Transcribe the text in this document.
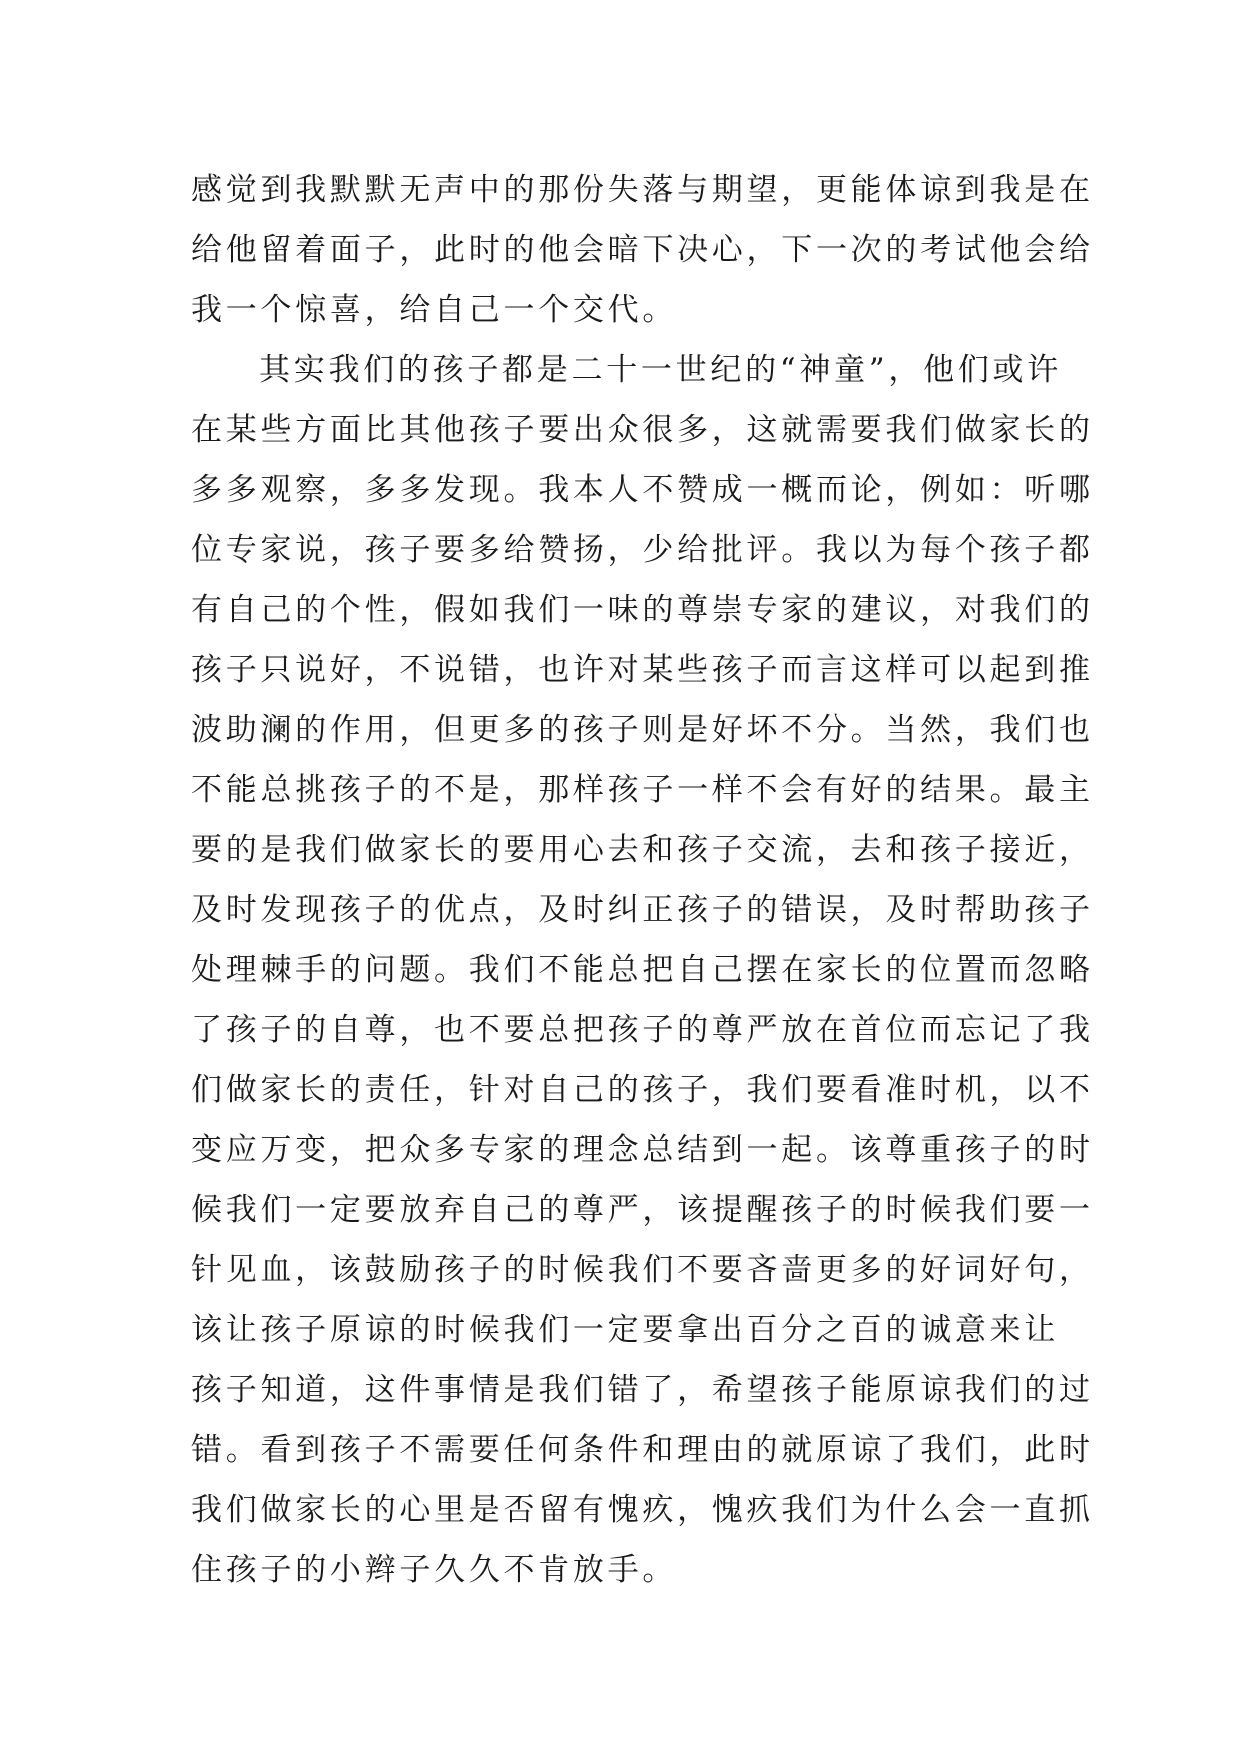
感觉到我默默无声中的那份失落与期望，更能体谅到我是在
给他留着面子，此时的他会暗下决心，下一次的考试他会给
我一个惊喜，给自己一个交代。
其实我们的孩子都是二十一世纪的“神童”，他们或许
在某些方面比其他孩子要出众很多，这就需要我们做家长的
多多观察，多多发现。我本人不赞成一概而论，例如：听哪
位专家说，孩子要多给赞扬，少给批评。我以为每个孩子都
有自己的个性，假如我们一味的尊崇专家的建议，对我们的
孩子只说好，不说错，也许对某些孩子而言这样可以起到推
波助澜的作用，但更多的孩子则是好坏不分。当然，我们也
不能总挑孩子的不是，那样孩子一样不会有好的结果。最主
要的是我们做家长的要用心去和孩子交流，去和孩子接近，
及时发现孩子的优点，及时纠正孩子的错误，及时帮助孩子
处理棘手的问题。我们不能总把自己摆在家长的位置而忽略
了孩子的自尊，也不要总把孩子的尊严放在首位而忘记了我
们做家长的责任，针对自己的孩子，我们要看准时机，以不
变应万变，把众多专家的理念总结到一起。该尊重孩子的时
候我们一定要放弃自己的尊严，该提醒孩子的时候我们要一
针见血，该鼓励孩子的时候我们不要吝啬更多的好词好句，
该让孩子原谅的时候我们一定要拿出百分之百的诚意来让
孩子知道，这件事情是我们错了，希望孩子能原谅我们的过
错。看到孩子不需要任何条件和理由的就原谅了我们，此时
我们做家长的心里是否留有愧疚，愧疚我们为什么会一直抓
住孩子的小辫子久久不肯放手。
